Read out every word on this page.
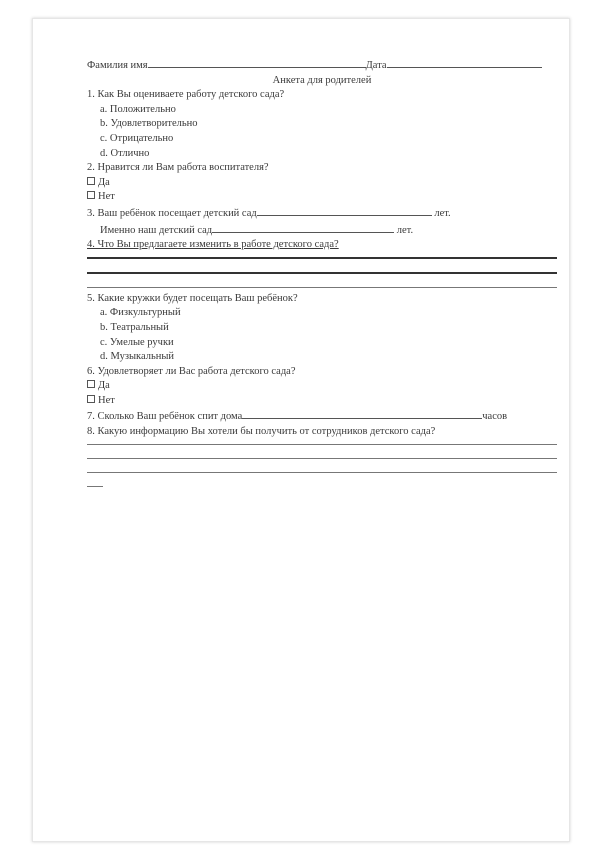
Фамилия имя	Дата
Анкета для родителей
1. Как Вы оцениваете работу детского сада?
a. Положительно
b. Удовлетворительно
c. Отрицательно
d. Отлично
2. Нравится ли Вам работа воспитателя?
Да
Нет
3. Ваш ребёнок посещает детский сад	лет.
Именно наш детский сад	лет.
4. Что Вы предлагаете изменить в работе детского сада?
5. Какие кружки будет посещать Ваш ребёнок?
a. Физкультурный
b. Театральный
c. Умелые ручки
d. Музыкальный
6. Удовлетворяет ли Вас работа детского сада?
Да
Нет
7. Сколько Ваш ребёнок спит дома	часов
8. Какую информацию Вы хотели бы получить от сотрудников детского сада?
